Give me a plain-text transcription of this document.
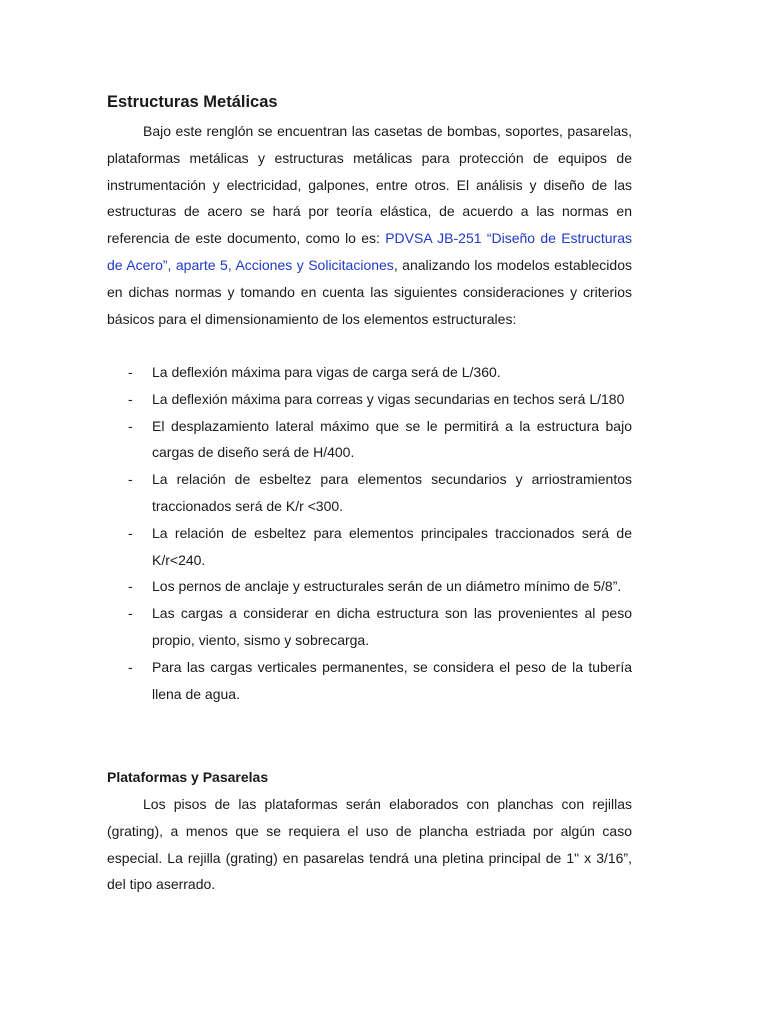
Estructuras Metálicas

Bajo este renglón se encuentran las casetas de bombas, soportes, pasarelas, plataformas metálicas y estructuras metálicas para protección de equipos de instrumentación y electricidad, galpones, entre otros. El análisis y diseño de las estructuras de acero se hará por teoría elástica, de acuerdo a las normas en referencia de este documento, como lo es: PDVSA JB-251 “Diseño de Estructuras de Acero”, aparte 5, Acciones y Solicitaciones, analizando los modelos establecidos en dichas normas y tomando en cuenta las siguientes consideraciones y criterios básicos para el dimensionamiento de los elementos estructurales:

- La deflexión máxima para vigas de carga será de L/360.
- La deflexión máxima para correas y vigas secundarias en techos será L/180
- El desplazamiento lateral máximo que se le permitirá a la estructura bajo cargas de diseño será de H/400.
- La relación de esbeltez para elementos secundarios y arriostramientos traccionados será de K/r <300.
- La relación de esbeltez para elementos principales traccionados será de K/r<240.
- Los pernos de anclaje y estructurales serán de un diámetro mínimo de 5/8”.
- Las cargas a considerar en dicha estructura son las provenientes al peso propio, viento, sismo y sobrecarga.
- Para las cargas verticales permanentes, se considera el peso de la tubería llena de agua.
Plataformas y Pasarelas

Los pisos de las plataformas serán elaborados con planchas con rejillas (grating), a menos que se requiera el uso de plancha estriada por algún caso especial. La rejilla (grating) en pasarelas tendrá una pletina principal de 1" x 3/16”, del tipo aserrado.
